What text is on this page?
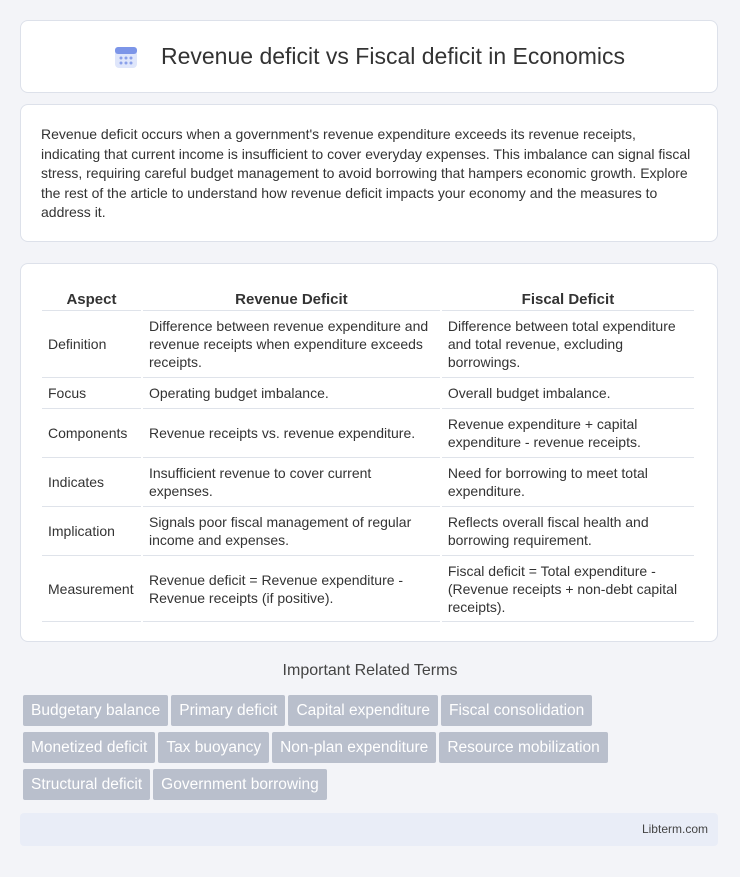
Revenue deficit vs Fiscal deficit in Economics

Revenue deficit occurs when a government's revenue expenditure exceeds its revenue receipts, indicating that current income is insufficient to cover everyday expenses. This imbalance can signal fiscal stress, requiring careful budget management to avoid borrowing that hampers economic growth. Explore the rest of the article to understand how revenue deficit impacts your economy and the measures to address it.

Aspect	Revenue Deficit	Fiscal Deficit
Definition	Difference between revenue expenditure and revenue receipts when expenditure exceeds receipts.	Difference between total expenditure and total revenue, excluding borrowings.
Focus	Operating budget imbalance.	Overall budget imbalance.
Components	Revenue receipts vs. revenue expenditure.	Revenue expenditure + capital expenditure - revenue receipts.
Indicates	Insufficient revenue to cover current expenses.	Need for borrowing to meet total expenditure.
Implication	Signals poor fiscal management of regular income and expenses.	Reflects overall fiscal health and borrowing requirement.
Measurement	Revenue deficit = Revenue expenditure - Revenue receipts (if positive).	Fiscal deficit = Total expenditure - (Revenue receipts + non-debt capital receipts).
Important Related Terms
Budgetary balance Primary deficit Capital expenditure Fiscal consolidation
Monetized deficit Tax buoyancy Non-plan expenditure Resource mobilization
Structural deficit Government borrowing
Libterm.com
